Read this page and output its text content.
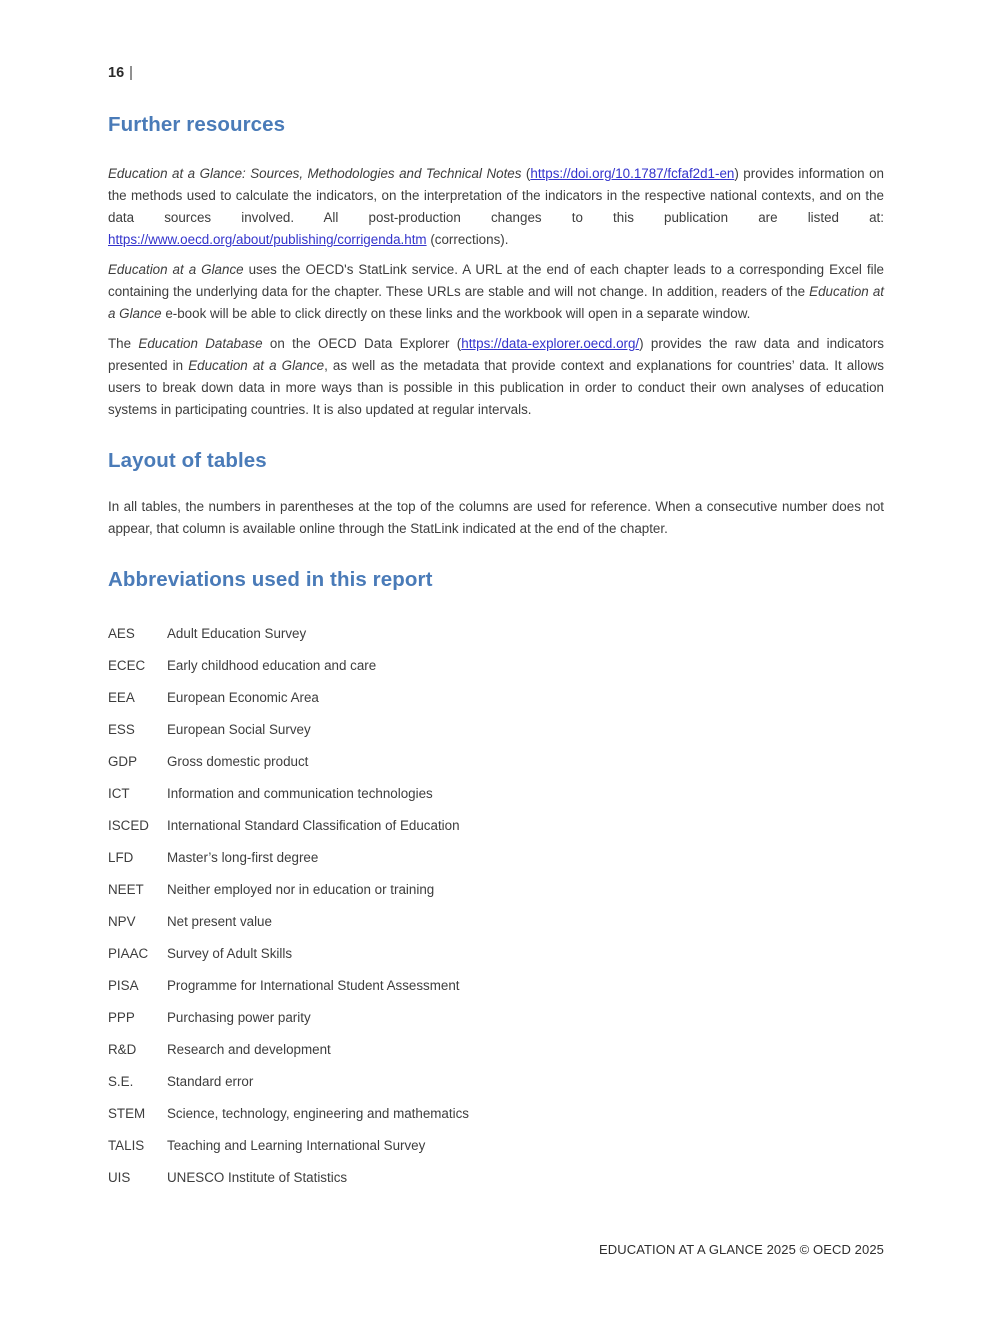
16 |
Further resources

Education at a Glance: Sources, Methodologies and Technical Notes (https://doi.org/10.1787/fcfaf2d1-en) provides information on the methods used to calculate the indicators, on the interpretation of the indicators in the respective national contexts, and on the data sources involved. All post-production changes to this publication are listed at: https://www.oecd.org/about/publishing/corrigenda.htm (corrections).

Education at a Glance uses the OECD's StatLink service. A URL at the end of each chapter leads to a corresponding Excel file containing the underlying data for the chapter. These URLs are stable and will not change. In addition, readers of the Education at a Glance e-book will be able to click directly on these links and the workbook will open in a separate window.

The Education Database on the OECD Data Explorer (https://data-explorer.oecd.org/) provides the raw data and indicators presented in Education at a Glance, as well as the metadata that provide context and explanations for countries’ data. It allows users to break down data in more ways than is possible in this publication in order to conduct their own analyses of education systems in participating countries. It is also updated at regular intervals.

Layout of tables

In all tables, the numbers in parentheses at the top of the columns are used for reference. When a consecutive number does not appear, that column is available online through the StatLink indicated at the end of the chapter.

Abbreviations used in this report
AES	Adult Education Survey
ECEC	Early childhood education and care
EEA	European Economic Area
ESS	European Social Survey
GDP	Gross domestic product
ICT	Information and communication technologies
ISCED	International Standard Classification of Education
LFD	Master’s long-first degree
NEET	Neither employed nor in education or training
NPV	Net present value
PIAAC	Survey of Adult Skills
PISA	Programme for International Student Assessment
PPP	Purchasing power parity
R&D	Research and development
S.E.	Standard error
STEM	Science, technology, engineering and mathematics
TALIS	Teaching and Learning International Survey
UIS	UNESCO Institute of Statistics
EDUCATION AT A GLANCE 2025 © OECD 2025
